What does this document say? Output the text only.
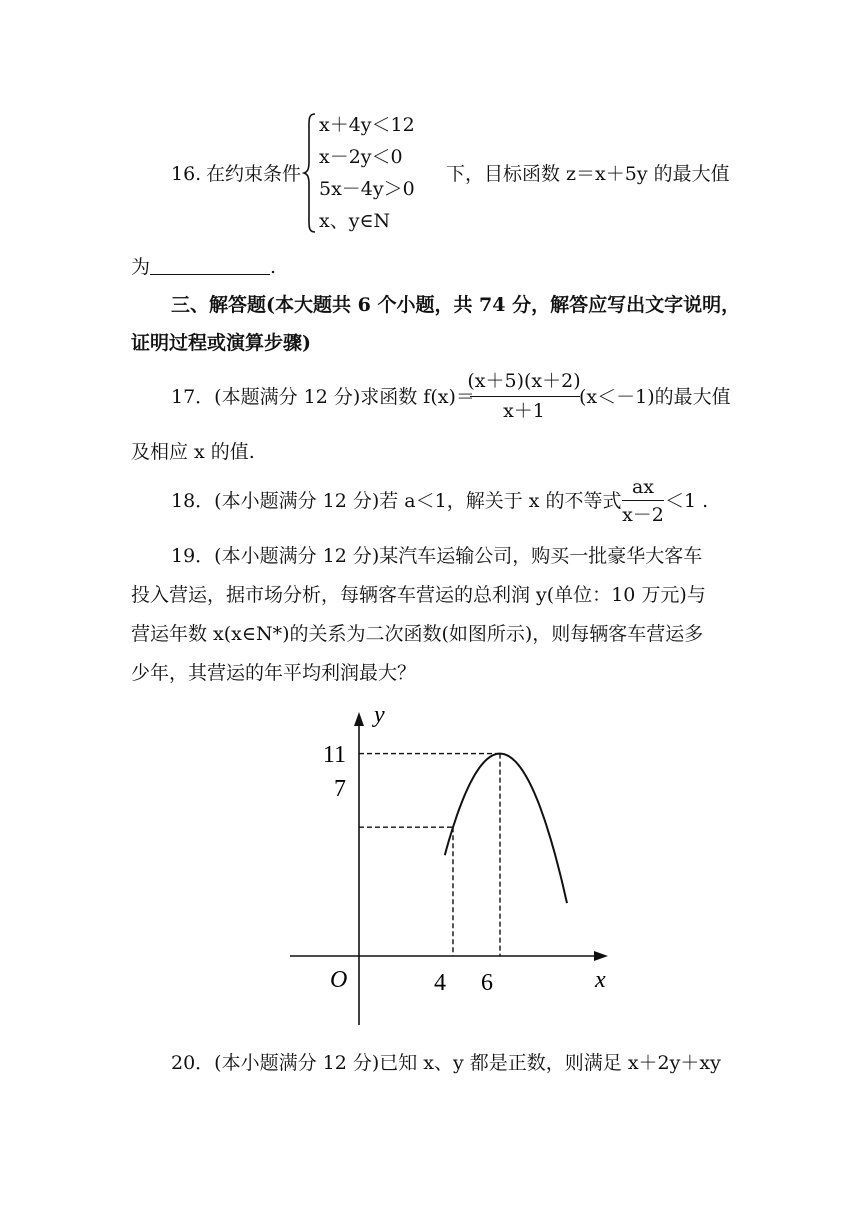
16. 在约束条件
x＋4y＜12
x－2y＜0
5x－4y＞0
x、y∈N
下，目标函数 z＝x＋5y 的最大值
为	.
三、解答题(本大题共 6 个小题，共 74 分，解答应写出文字说明，
证明过程或演算步骤)
17．(本题满分 12 分)求函数 f(x)＝
(x＋5)(x＋2)
x＋1
(x＜－1)的最大值
及相应 x 的值.
18．(本小题满分 12 分)若 a＜1，解关于 x 的不等式
ax
x－2
＜1 .
19．(本小题满分 12 分)某汽车运输公司，购买一批豪华大客车
投入营运，据市场分析，每辆客车营运的总利润 y(单位：10 万元)与
营运年数 x(x∈N*)的关系为二次函数(如图所示)，则每辆客车营运多
少年，其营运的年平均利润最大？
y
x
O	4 6
11
7
20．(本小题满分 12 分)已知 x、y 都是正数，则满足 x＋2y＋xy
